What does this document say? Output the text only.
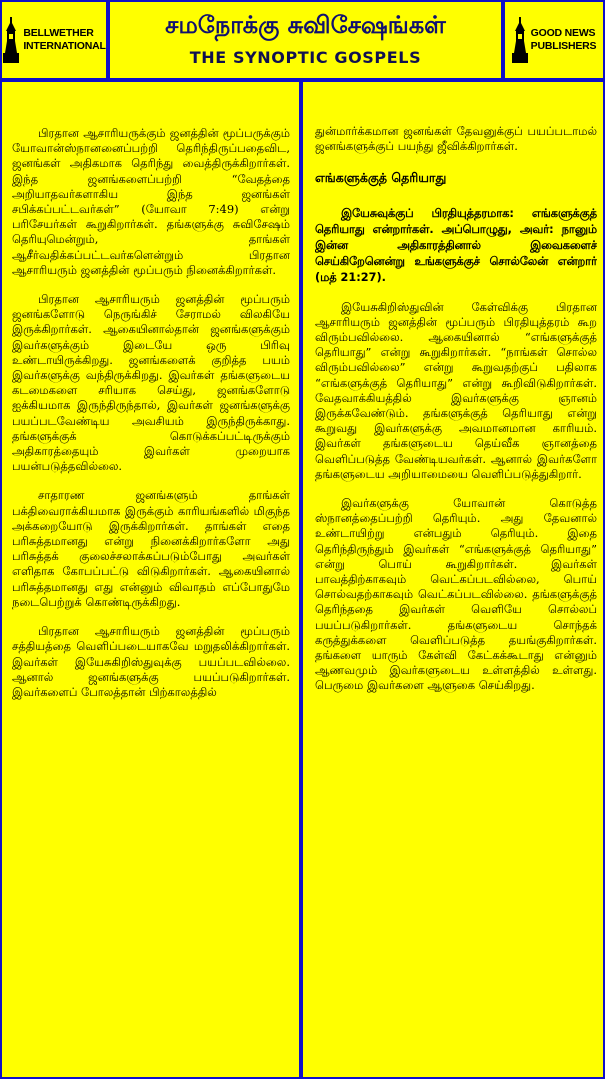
BELLWETHER
INTERNATIONAL
சமநோக்கு சுவிசேஷங்கள்
THE SYNOPTIC GOSPELS
GOOD NEWS
PUBLISHERS

பிரதான ஆசாரியருக்கும் ஜனத்தின் மூப்பருக்கும் யோவான்ஸ்நானனைப்பற்றி தெரிந்திருப்பதைவிட, ஜனங்கள் அதிகமாக தெரிந்து வைத்திருக்கிறார்கள். இந்த ஜனங்களைப்பற்றி “வேதத்தை அறியாதவர்களாகிய இந்த ஜனங்கள் சபிக்கப்பட்டவர்கள்” (யோவா 7:49) என்று பரிசேயர்கள் கூறுகிறார்கள். தங்களுக்கு சுவிசேஷம் தெரியுமென்றும், தாங்கள் ஆசீர்வதிக்கப்பட்டவர்களென்றும் பிரதான ஆசாரியரும் ஜனத்தின் மூப்பரும் நினைக்கிறார்கள்.

பிரதான ஆசாரியரும் ஜனத்தின் மூப்பரும் ஜனங்களோடு நெருங்கிச் சேராமல் விலகியே இருக்கிறார்கள். ஆகையினால்தான் ஜனங்களுக்கும் இவர்களுக்கும் இடையே ஒரு பிரிவு உண்டாயிருக்கிறது. ஜனங்களைக் குறித்த பயம் இவர்களுக்கு வந்திருக்கிறது. இவர்கள் தங்களுடைய கடமைகளை சரியாக செய்து, ஜனங்களோடு ஐக்கியமாக இருந்திருந்தால், இவர்கள் ஜனங்களுக்கு பயப்படவேண்டிய அவசியம் இருந்திருக்காது. தங்களுக்குக் கொடுக்கப்பட்டிருக்கும் அதிகாரத்தையும் இவர்கள் முறையாக பயன்படுத்தவில்லை.

சாதாரண ஜனங்களும் தாங்கள் பக்திவைராக்கியமாக இருக்கும் காரியங்களில் மிகுந்த அக்கறையோடு இருக்கிறார்கள். தாங்கள் எதை பரிசுத்தமானது என்று நினைக்கிறார்களோ அது பரிசுத்தக் குலைச்சலாக்கப்படும்போது அவர்கள் எளிதாக கோபப்பட்டு விடுகிறார்கள். ஆகையினால் பரிசுத்தமானது எது என்னும் விவாதம் எப்போதுமே நடைபெற்றுக் கொண்டிருக்கிறது.

பிரதான ஆசாரியரும் ஜனத்தின் மூப்பரும் சத்தியத்தை வெளிப்படையாகவே மறுதலிக்கிறார்கள். இவர்கள் இயேசுகிறிஸ்துவுக்கு பயப்படவில்லை. ஆனால் ஜனங்களுக்கு பயப்படுகிறார்கள். இவர்களைப் போலத்தான் பிற்காலத்தில்

துன்மார்க்கமான ஜனங்கள் தேவனுக்குப் பயப்படாமல் ஜனங்களுக்குப் பயந்து ஜீவிக்கிறார்கள்.

எங்களுக்குத் தெரியாது

இயேசுவுக்குப் பிரதியுத்தரமாக: எங்களுக்குத் தெரியாது என்றார்கள். அப்பொழுது, அவர்: நானும் இன்ன அதிகாரத்தினால் இவைகளைச் செய்கிறேனென்று உங்களுக்குச் சொல்லேன் என்றார் (மத் 21:27).

இயேசுகிறிஸ்துவின் கேள்விக்கு பிரதான ஆசாரியரும் ஜனத்தின் மூப்பரும் பிரதியுத்தரம் கூற விரும்பவில்லை. ஆகையினால் “எங்களுக்குத் தெரியாது” என்று கூறுகிறார்கள். “நாங்கள் சொல்ல விரும்பவில்லை” என்று கூறுவதற்குப் பதிலாக “எங்களுக்குத் தெரியாது” என்று கூறிவிடுகிறார்கள். வேதவாக்கியத்தில் இவர்களுக்கு ஞானம் இருக்கவேண்டும். தங்களுக்குத் தெரியாது என்று கூறுவது இவர்களுக்கு அவமானமான காரியம். இவர்கள் தங்களுடைய தெய்வீக ஞானத்தை வெளிப்படுத்த வேண்டியவர்கள். ஆனால் இவர்களோ தங்களுடைய அறியாமையை வெளிப்படுத்துகிறார்.

இவர்களுக்கு யோவான் கொடுத்த ஸ்நானத்தைப்பற்றி தெரியும். அது தேவனால் உண்டாயிற்று என்பதும் தெரியும். இதை தெரிந்திருந்தும் இவர்கள் “எங்களுக்குத் தெரியாது” என்று பொய் கூறுகிறார்கள். இவர்கள் பாவத்திற்காகவும் வெட்கப்படவில்லை, பொய் சொல்வதற்காகவும் வெட்கப்படவில்லை. தங்களுக்குத் தெரிந்ததை இவர்கள் வெளியே சொல்லப் பயப்படுகிறார்கள். தங்களுடைய சொந்தக் கருத்துக்களை வெளிப்படுத்த தயங்குகிறார்கள். தங்களை யாரும் கேள்வி கேட்கக்கூடாது என்னும் ஆணவமும் இவர்களுடைய உள்ளத்தில் உள்ளது. பெருமை இவர்களை ஆளுகை செய்கிறது.
